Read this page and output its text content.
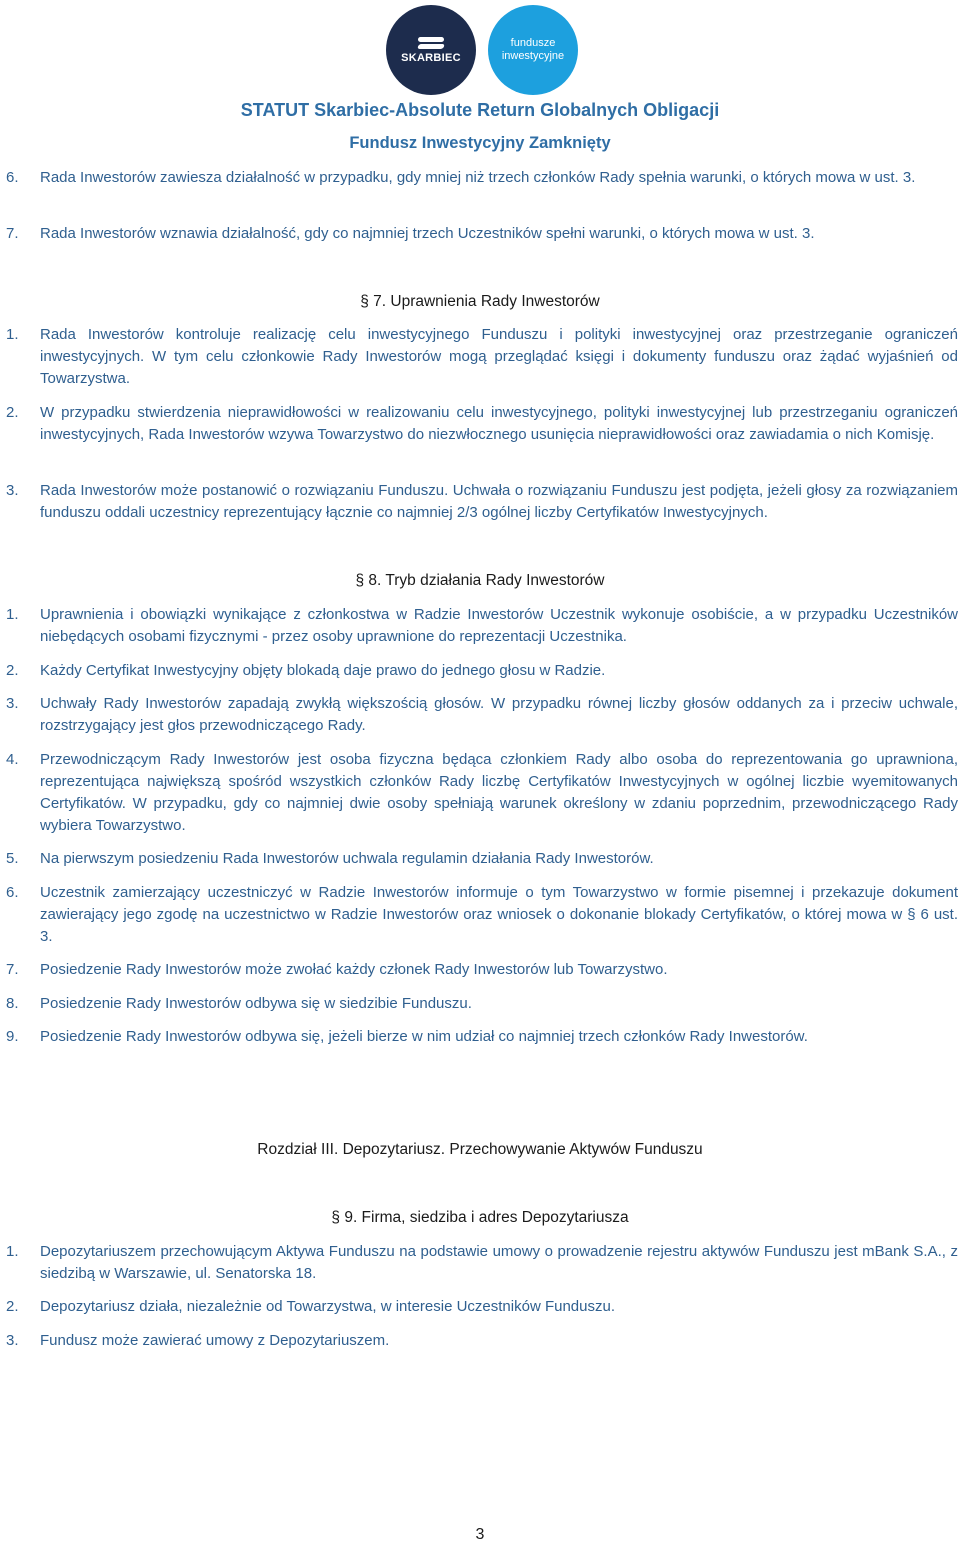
SKARBIEC
fundusze
inwestycyjne
STATUT Skarbiec-Absolute Return Globalnych Obligacji
Fundusz Inwestycyjny Zamknięty
6.	Rada Inwestorów zawiesza działalność w przypadku, gdy mniej niż trzech członków Rady spełnia warunki, o których mowa w ust. 3.
7.	Rada Inwestorów wznawia działalność, gdy co najmniej trzech Uczestników spełni warunki, o których mowa w ust. 3.
§ 7. Uprawnienia Rady Inwestorów
1.	Rada Inwestorów kontroluje realizację celu inwestycyjnego Funduszu i polityki inwestycyjnej oraz przestrzeganie ograniczeń inwestycyjnych. W tym celu członkowie Rady Inwestorów mogą przeglądać księgi i dokumenty funduszu oraz żądać wyjaśnień od Towarzystwa.
2.	W przypadku stwierdzenia nieprawidłowości w realizowaniu celu inwestycyjnego, polityki inwestycyjnej lub przestrzeganiu ograniczeń inwestycyjnych, Rada Inwestorów wzywa Towarzystwo do niezwłocznego usunięcia nieprawidłowości oraz zawiadamia o nich Komisję.
3.	Rada Inwestorów może postanowić o rozwiązaniu Funduszu. Uchwała o rozwiązaniu Funduszu jest podjęta, jeżeli głosy za rozwiązaniem funduszu oddali uczestnicy reprezentujący łącznie co najmniej 2/3 ogólnej liczby Certyfikatów Inwestycyjnych.
§ 8. Tryb działania Rady Inwestorów
1.	Uprawnienia i obowiązki wynikające z członkostwa w Radzie Inwestorów Uczestnik wykonuje osobiście, a w przypadku Uczestników niebędących osobami fizycznymi - przez osoby uprawnione do reprezentacji Uczestnika.
2.	Każdy Certyfikat Inwestycyjny objęty blokadą daje prawo do jednego głosu w Radzie.
3.	Uchwały Rady Inwestorów zapadają zwykłą większością głosów. W przypadku równej liczby głosów oddanych za i przeciw uchwale, rozstrzygający jest głos przewodniczącego Rady.
4.	Przewodniczącym Rady Inwestorów jest osoba fizyczna będąca członkiem Rady albo osoba do reprezentowania go uprawniona, reprezentująca największą spośród wszystkich członków Rady liczbę Certyfikatów Inwestycyjnych w ogólnej liczbie wyemitowanych Certyfikatów. W przypadku, gdy co najmniej dwie osoby spełniają warunek określony w zdaniu poprzednim, przewodniczącego Rady wybiera Towarzystwo.
5.	Na pierwszym posiedzeniu Rada Inwestorów uchwala regulamin działania Rady Inwestorów.
6.	Uczestnik zamierzający uczestniczyć w Radzie Inwestorów informuje o tym Towarzystwo w formie pisemnej i przekazuje dokument zawierający jego zgodę na uczestnictwo w Radzie Inwestorów oraz wniosek o dokonanie blokady Certyfikatów, o której mowa w § 6 ust. 3.
7.	Posiedzenie Rady Inwestorów może zwołać każdy członek Rady Inwestorów lub Towarzystwo.
8.	Posiedzenie Rady Inwestorów odbywa się w siedzibie Funduszu.
9.	Posiedzenie Rady Inwestorów odbywa się, jeżeli bierze w nim udział co najmniej trzech członków Rady Inwestorów.
Rozdział III. Depozytariusz. Przechowywanie Aktywów Funduszu
§ 9. Firma, siedziba i adres Depozytariusza
1.	Depozytariuszem przechowującym Aktywa Funduszu na podstawie umowy o prowadzenie rejestru aktywów Funduszu jest mBank S.A., z siedzibą w Warszawie, ul. Senatorska 18.
2.	Depozytariusz działa, niezależnie od Towarzystwa, w interesie Uczestników Funduszu.
3.	Fundusz może zawierać umowy z Depozytariuszem.
3
